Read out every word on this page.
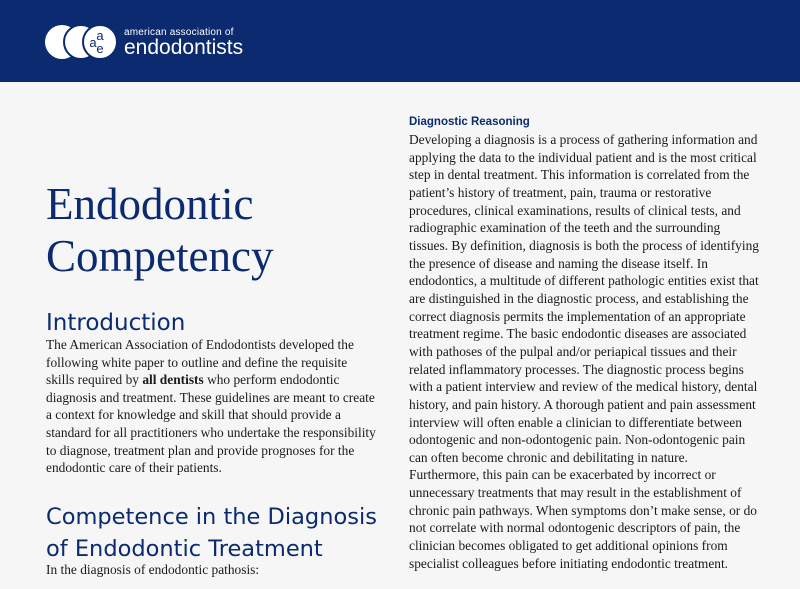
a
e
a
american association of
endodontists
Endodontic Competency
Introduction

The American Association of Endodontists developed the following white paper to outline and define the requisite skills required by all dentists who perform endodontic diagnosis and treatment. These guidelines are meant to create a context for knowledge and skill that should provide a standard for all practitioners who undertake the responsibility to diagnose, treatment plan and provide prognoses for the endodontic care of their patients.

Competence in the Diagnosis of Endodontic Treatment

In the diagnosis of endodontic pathosis:

Diagnostic Reasoning

Developing a diagnosis is a process of gathering information and applying the data to the individual patient and is the most critical step in dental treatment. This information is correlated from the patient’s history of treatment, pain, trauma or restorative procedures, clinical examinations, results of clinical tests, and radiographic examination of the teeth and the surrounding tissues. By definition, diagnosis is both the process of identifying the presence of disease and naming the disease itself. In endodontics, a multitude of different pathologic entities exist that are distinguished in the diagnostic process, and establishing the correct diagnosis permits the implementation of an appropriate treatment regime. The basic endodontic diseases are associated with pathoses of the pulpal and/or periapical tissues and their related inflammatory processes. The diagnostic process begins with a patient interview and review of the medical history, dental history, and pain history. A thorough patient and pain assessment interview will often enable a clinician to differentiate between odontogenic and non-odontogenic pain. Non-odontogenic pain can often become chronic and debilitating in nature. Furthermore, this pain can be exacerbated by incorrect or unnecessary treatments that may result in the establishment of chronic pain pathways. When symptoms don’t make sense, or do not correlate with normal odontogenic descriptors of pain, the clinician becomes obligated to get additional opinions from specialist colleagues before initiating endodontic treatment.
